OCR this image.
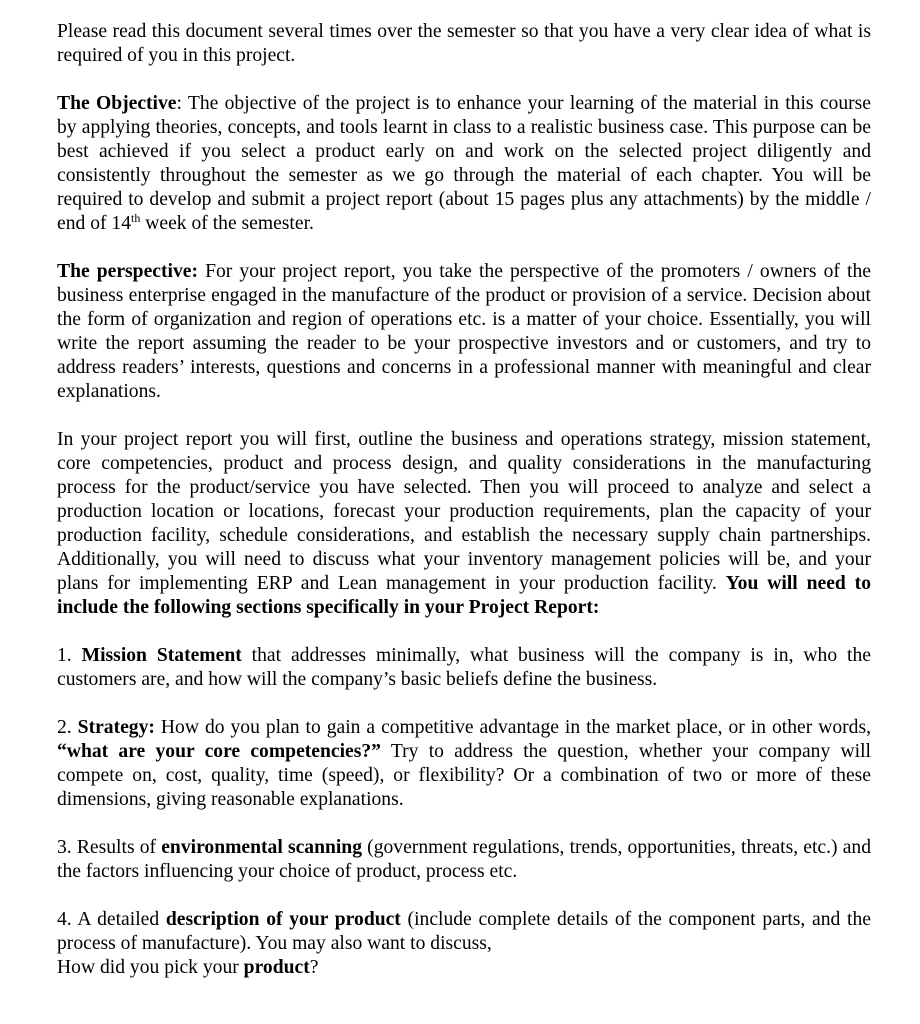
Please read this document several times over the semester so that you have a very clear idea of what is required of you in this project.

The Objective: The objective of the project is to enhance your learning of the material in this course by applying theories, concepts, and tools learnt in class to a realistic business case. This purpose can be best achieved if you select a product early on and work on the selected project diligently and consistently throughout the semester as we go through the material of each chapter. You will be required to develop and submit a project report (about 15 pages plus any attachments) by the middle / end of 14th week of the semester.

The perspective: For your project report, you take the perspective of the promoters / owners of the business enterprise engaged in the manufacture of the product or provision of a service. Decision about the form of organization and region of operations etc. is a matter of your choice. Essentially, you will write the report assuming the reader to be your prospective investors and or customers, and try to address readers’ interests, questions and concerns in a professional manner with meaningful and clear explanations.

In your project report you will first, outline the business and operations strategy, mission statement, core competencies, product and process design, and quality considerations in the manufacturing process for the product/service you have selected. Then you will proceed to analyze and select a production location or locations, forecast your production requirements, plan the capacity of your production facility, schedule considerations, and establish the necessary supply chain partnerships. Additionally, you will need to discuss what your inventory management policies will be, and your plans for implementing ERP and Lean management in your production facility. You will need to include the following sections specifically in your Project Report:

1. Mission Statement that addresses minimally, what business will the company is in, who the customers are, and how will the company’s basic beliefs define the business.

2. Strategy: How do you plan to gain a competitive advantage in the market place, or in other words, “what are your core competencies?” Try to address the question, whether your company will compete on, cost, quality, time (speed), or flexibility? Or a combination of two or more of these dimensions, giving reasonable explanations.

3. Results of environmental scanning (government regulations, trends, opportunities, threats, etc.) and the factors influencing your choice of product, process etc.

4. A detailed description of your product (include complete details of the component parts, and the process of manufacture). You may also want to discuss,
How did you pick your product?
